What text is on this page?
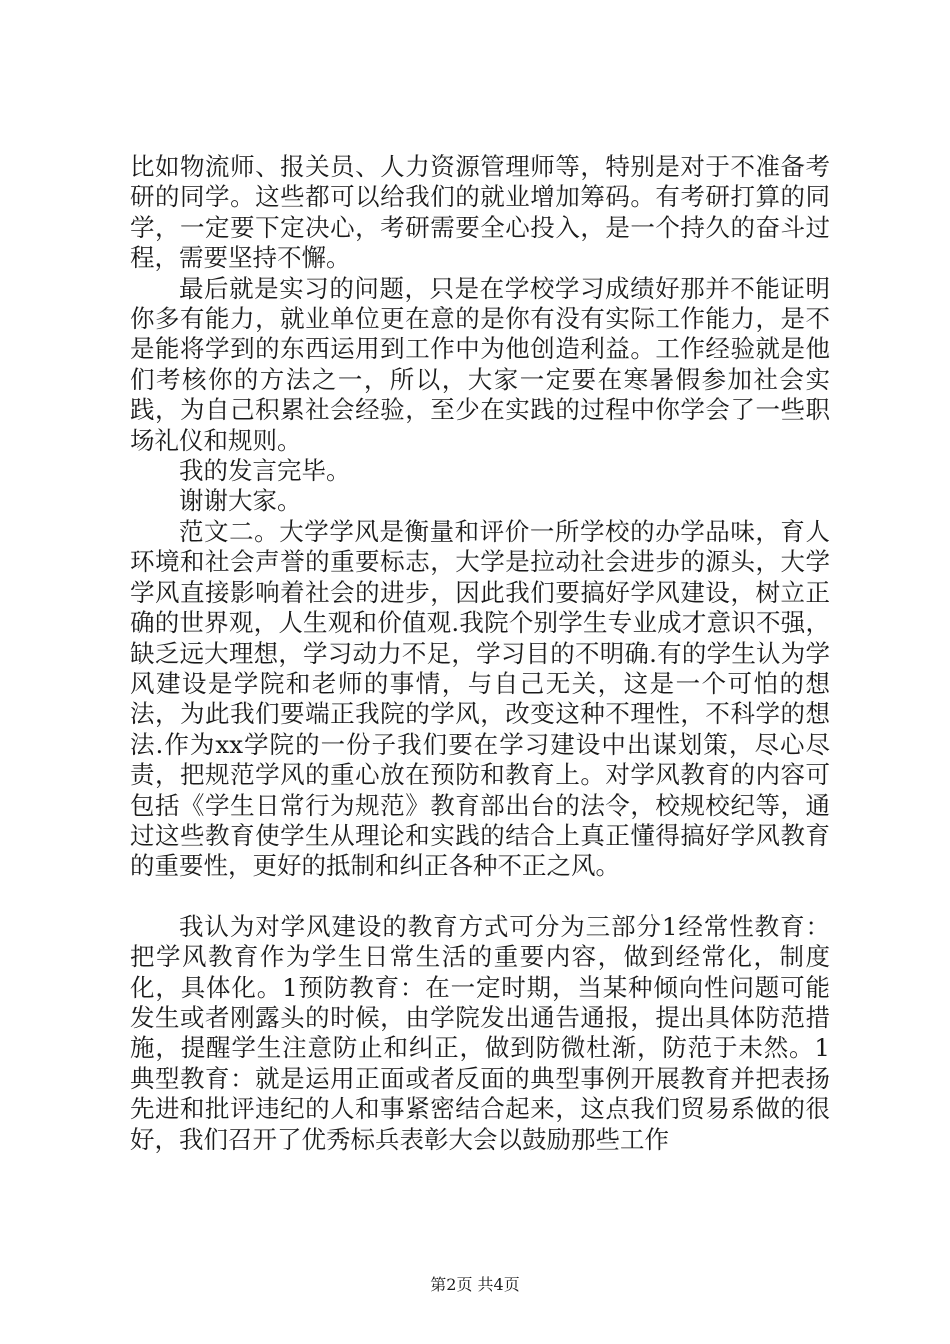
比如物流师、报关员、人力资源管理师等，特别是对于不准备考研的同学。这些都可以给我们的就业增加筹码。有考研打算的同学，一定要下定决心，考研需要全心投入，是一个持久的奋斗过程，需要坚持不懈。

最后就是实习的问题，只是在学校学习成绩好那并不能证明你多有能力，就业单位更在意的是你有没有实际工作能力，是不是能将学到的东西运用到工作中为他创造利益。工作经验就是他们考核你的方法之一，所以，大家一定要在寒暑假参加社会实践，为自己积累社会经验，至少在实践的过程中你学会了一些职场礼仪和规则。

我的发言完毕。

谢谢大家。

范文二。大学学风是衡量和评价一所学校的办学品味，育人环境和社会声誉的重要标志，大学是拉动社会进步的源头，大学学风直接影响着社会的进步，因此我们要搞好学风建设，树立正确的世界观，人生观和价值观.我院个别学生专业成才意识不强，缺乏远大理想，学习动力不足，学习目的不明确.有的学生认为学风建设是学院和老师的事情，与自己无关，这是一个可怕的想法，为此我们要端正我院的学风，改变这种不理性，不科学的想法.作为xx学院的一份子我们要在学习建设中出谋划策，尽心尽责，把规范学风的重心放在预防和教育上。对学风教育的内容可包括《学生日常行为规范》教育部出台的法令，校规校纪等，通过这些教育使学生从理论和实践的结合上真正懂得搞好学风教育的重要性，更好的抵制和纠正各种不正之风。

我认为对学风建设的教育方式可分为三部分1经常性教育：把学风教育作为学生日常生活的重要内容，做到经常化，制度化，具体化。1预防教育：在一定时期，当某种倾向性问题可能发生或者刚露头的时候，由学院发出通告通报，提出具体防范措施，提醒学生注意防止和纠正，做到防微杜渐，防范于未然。1典型教育：就是运用正面或者反面的典型事例开展教育并把表扬先进和批评违纪的人和事紧密结合起来，这点我们贸易系做的很好，我们召开了优秀标兵表彰大会以鼓励那些工作

第2页 共4页
